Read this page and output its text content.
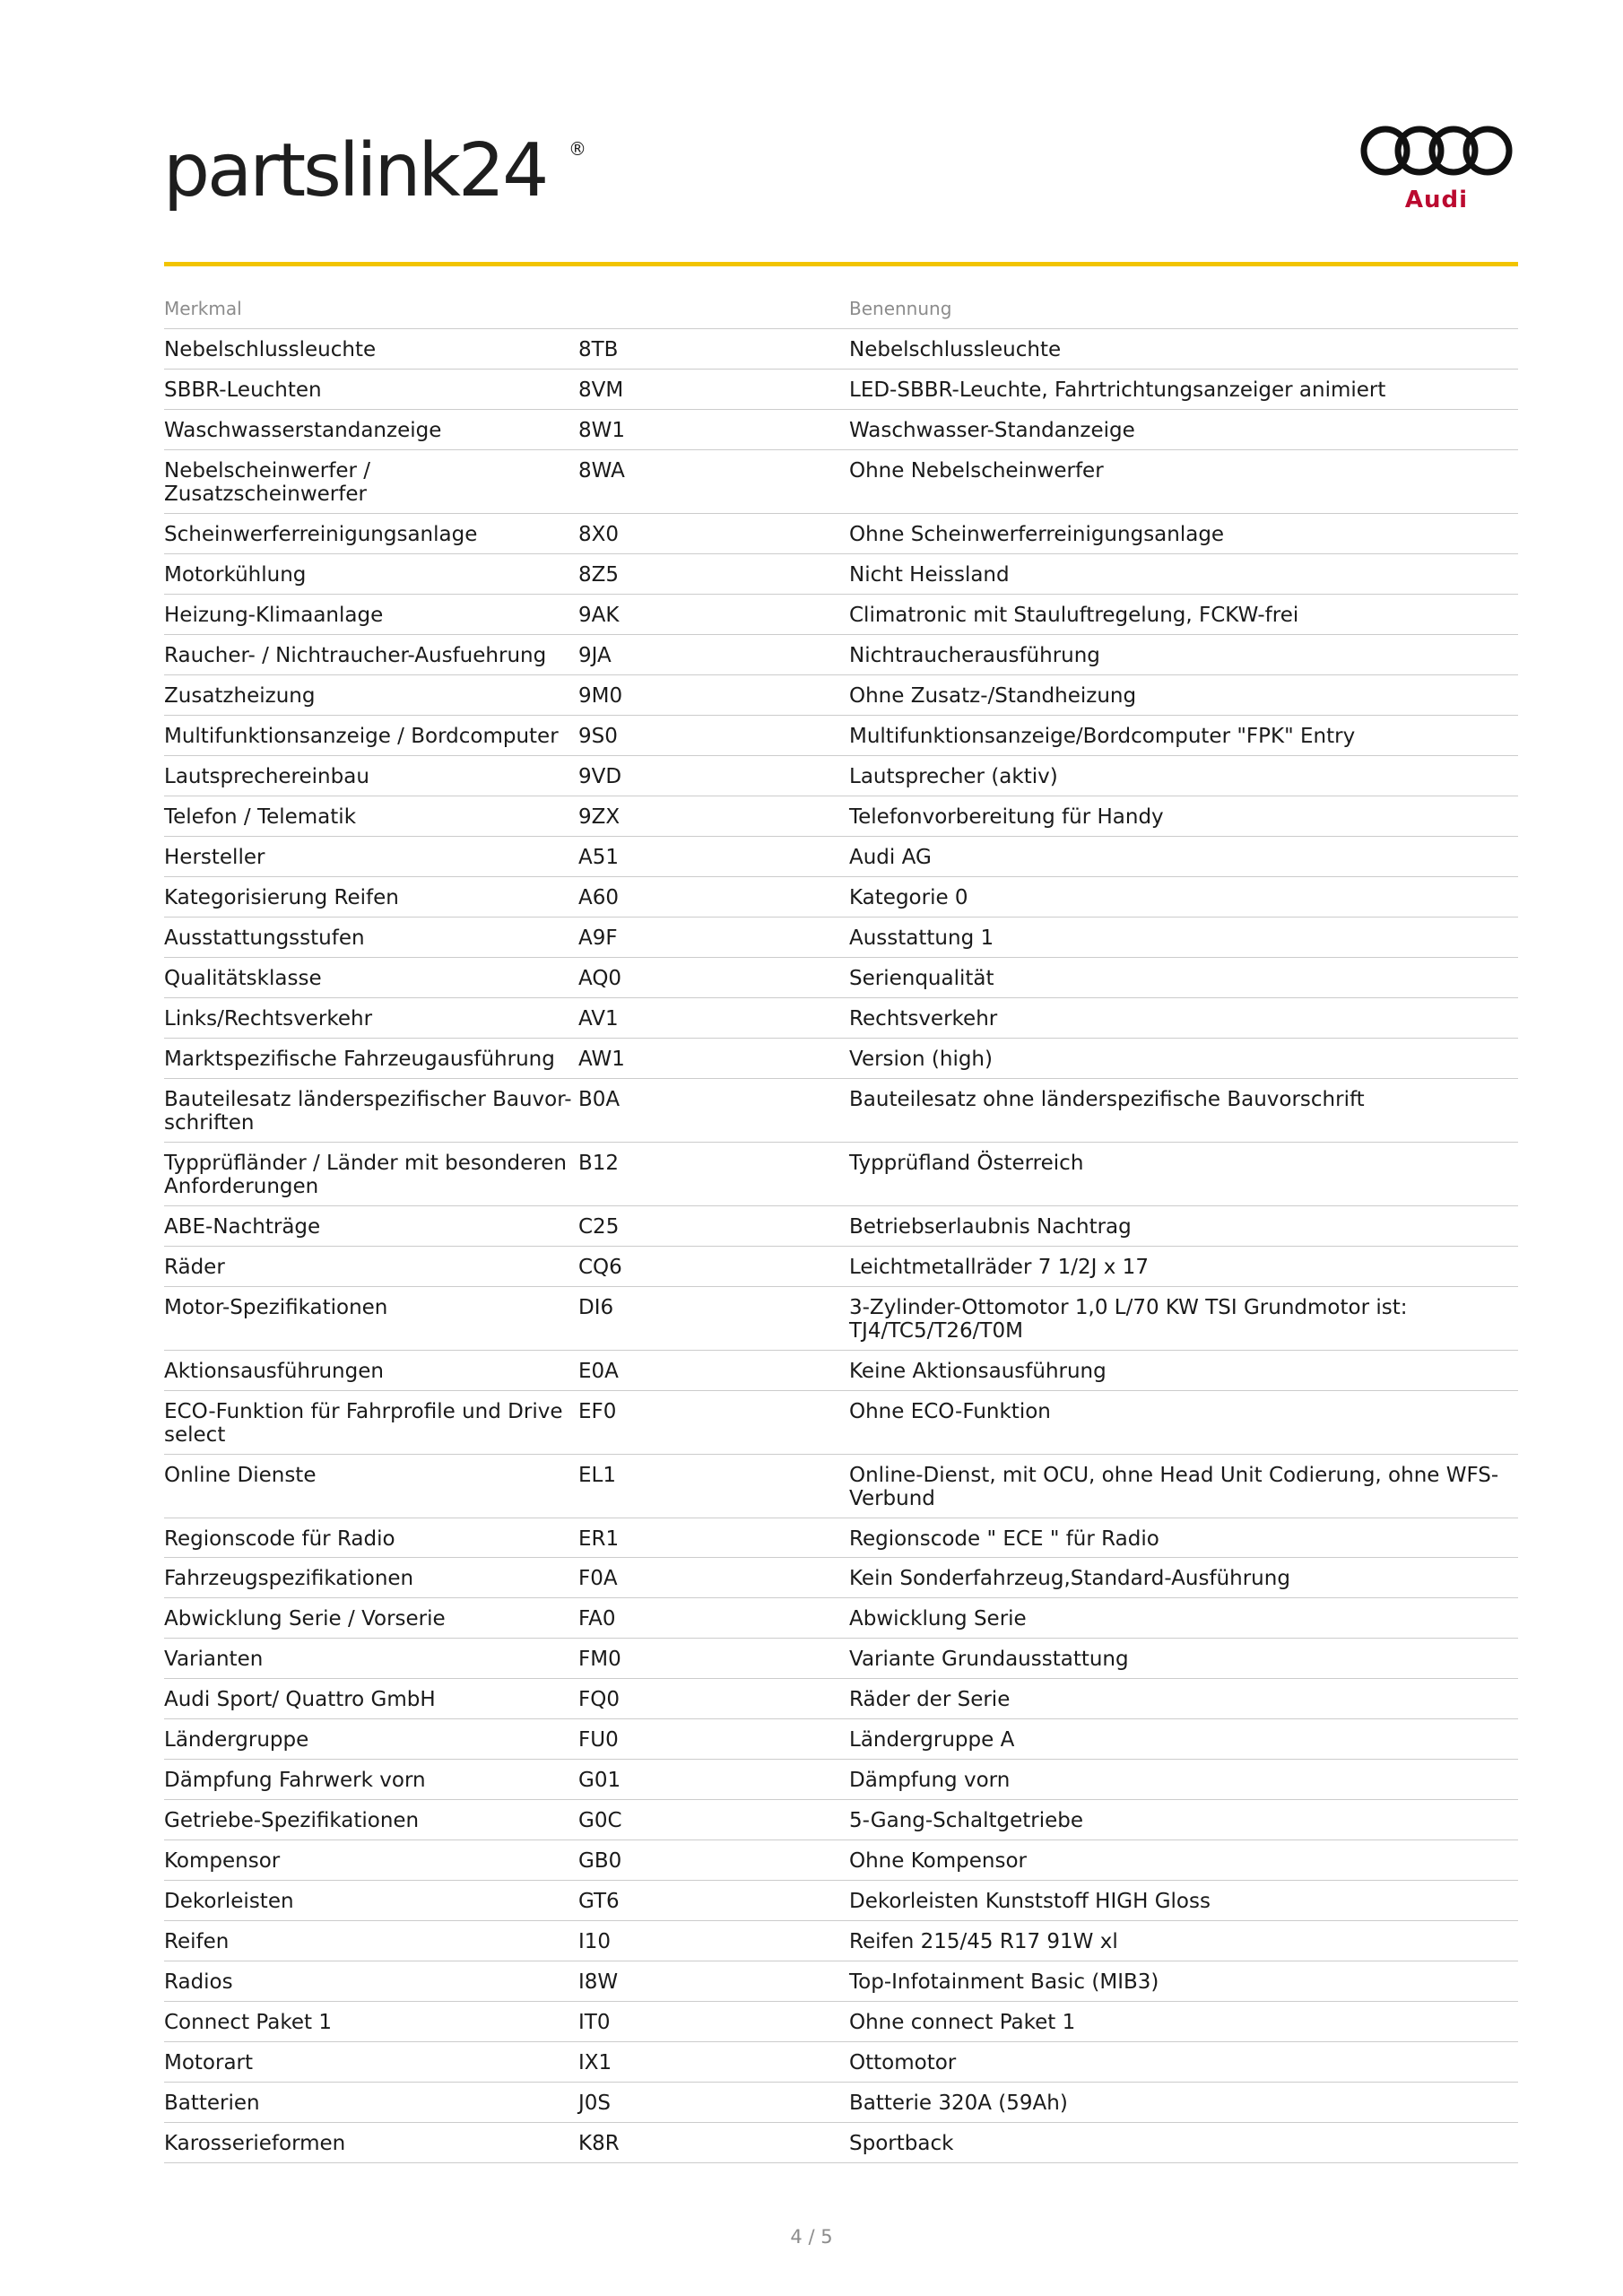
partslink24 ®
Audi
Merkmal		Benennung
Nebelschlussleuchte	8TB	Nebelschlussleuchte
SBBR-Leuchten	8VM	LED-SBBR-Leuchte, Fahrtrichtungsanzeiger animiert
Waschwasserstandanzeige	8W1	Waschwasser-Standanzeige
Nebelscheinwerfer / Zusatzscheinwerfer	8WA	Ohne Nebelscheinwerfer
Scheinwerferreinigungsanlage	8X0	Ohne Scheinwerferreinigungsanlage
Motorkühlung	8Z5	Nicht Heissland
Heizung-Klimaanlage	9AK	Climatronic mit Stauluftregelung, FCKW-frei
Raucher- / Nichtraucher-Ausfuehrung	9JA	Nichtraucherausführung
Zusatzheizung	9M0	Ohne Zusatz-/Standheizung
Multifunktionsanzeige / Bordcomputer	9S0	Multifunktionsanzeige/Bordcomputer "FPK" Entry
Lautsprechereinbau	9VD	Lautsprecher (aktiv)
Telefon / Telematik	9ZX	Telefonvorbereitung für Handy
Hersteller	A51	Audi AG
Kategorisierung Reifen	A60	Kategorie 0
Ausstattungsstufen	A9F	Ausstattung 1
Qualitätsklasse	AQ0	Serienqualität
Links/Rechtsverkehr	AV1	Rechtsverkehr
Marktspezifische Fahrzeugausführung	AW1	Version (high)
Bauteilesatz länderspezifischer Bauvor- schriften	B0A	Bauteilesatz ohne länderspezifische Bauvorschrift
Typprüfländer / Länder mit besonderen Anforderungen	B12	Typprüfland Österreich
ABE-Nachträge	C25	Betriebserlaubnis Nachtrag
Räder	CQ6	Leichtmetallräder 7 1/2J x 17
Motor-Spezifikationen	DI6	3-Zylinder-Ottomotor 1,0 L/70 KW TSI Grundmotor ist: TJ4/TC5/T26/T0M
Aktionsausführungen	E0A	Keine Aktionsausführung
ECO-Funktion für Fahrprofile und Drive select	EF0	Ohne ECO-Funktion
Online Dienste	EL1	Online-Dienst, mit OCU, ohne Head Unit Codierung, ohne WFS-Verbund
Regionscode für Radio	ER1	Regionscode " ECE " für Radio
Fahrzeugspezifikationen	F0A	Kein Sonderfahrzeug,Standard-Ausführung
Abwicklung Serie / Vorserie	FA0	Abwicklung Serie
Varianten	FM0	Variante Grundausstattung
Audi Sport/ Quattro GmbH	FQ0	Räder der Serie
Ländergruppe	FU0	Ländergruppe A
Dämpfung Fahrwerk vorn	G01	Dämpfung vorn
Getriebe-Spezifikationen	G0C	5-Gang-Schaltgetriebe
Kompensor	GB0	Ohne Kompensor
Dekorleisten	GT6	Dekorleisten Kunststoff HIGH Gloss
Reifen	I10	Reifen 215/45 R17 91W xl
Radios	I8W	Top-Infotainment Basic (MIB3)
Connect Paket 1	IT0	Ohne connect Paket 1
Motorart	IX1	Ottomotor
Batterien	J0S	Batterie 320A (59Ah)
Karosserieformen	K8R	Sportback
4 / 5
